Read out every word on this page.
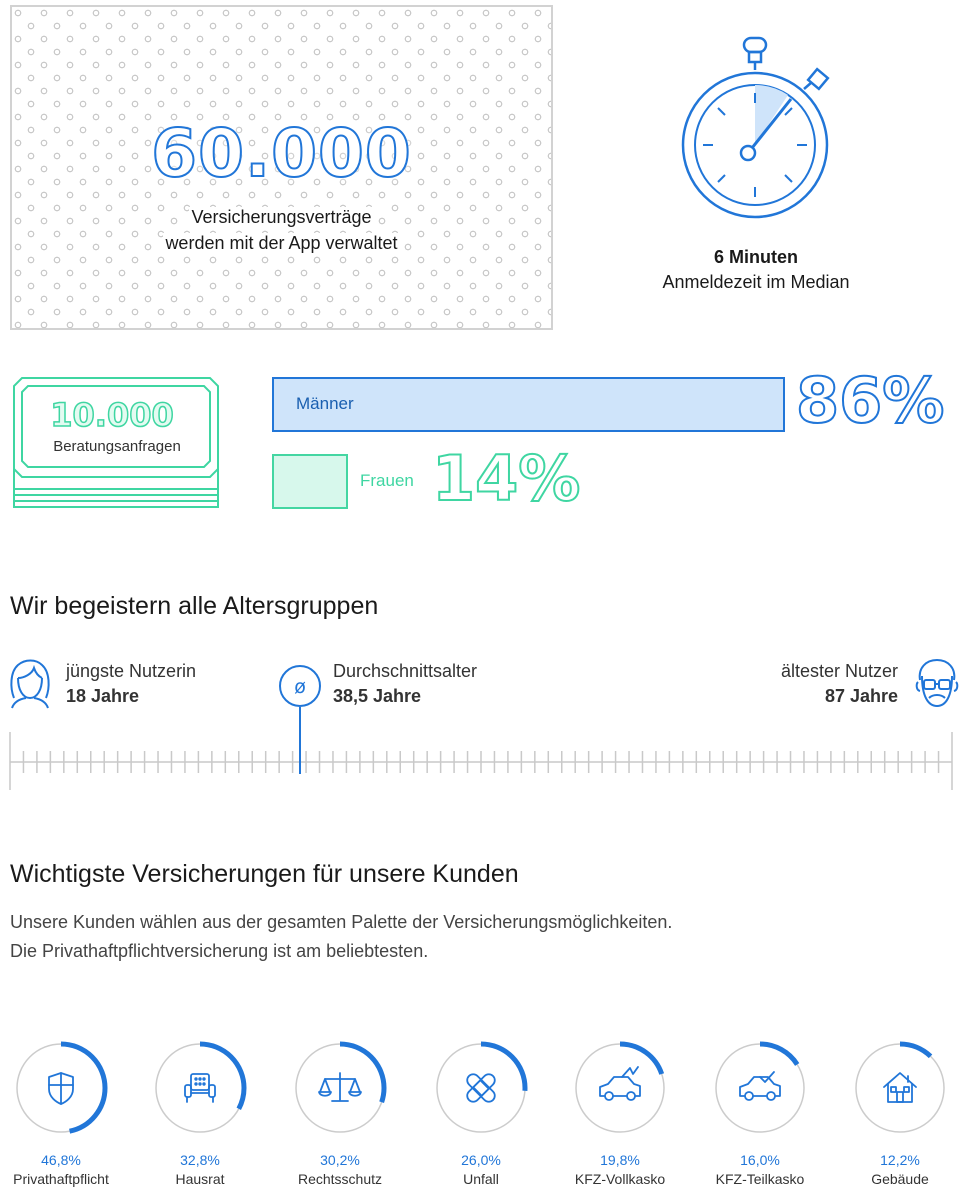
60.000
Versicherungsverträge
werden mit der App verwaltet
6 Minuten
Anmeldezeit im Median
10.000
Beratungsanfragen
Männer	86%
Frauen 14%
Wir begeistern alle Altersgruppen
jüngste Nutzerin
18 Jahre
Durchschnittsalter
38,5 Jahre
ältester Nutzer
87 Jahre
ø
Wichtigste Versicherungen für unsere Kunden
Unsere Kunden wählen aus der gesamten Palette der Versicherungsmöglichkeiten.
Die Privathaftpflichtversicherung ist am beliebtesten.
46,8%
Privathaftpflicht
32,8%
Hausrat
30,2%
Rechtsschutz
26,0%
Unfall
19,8%
KFZ-Vollkasko
16,0%
KFZ-Teilkasko
12,2%
Gebäude
